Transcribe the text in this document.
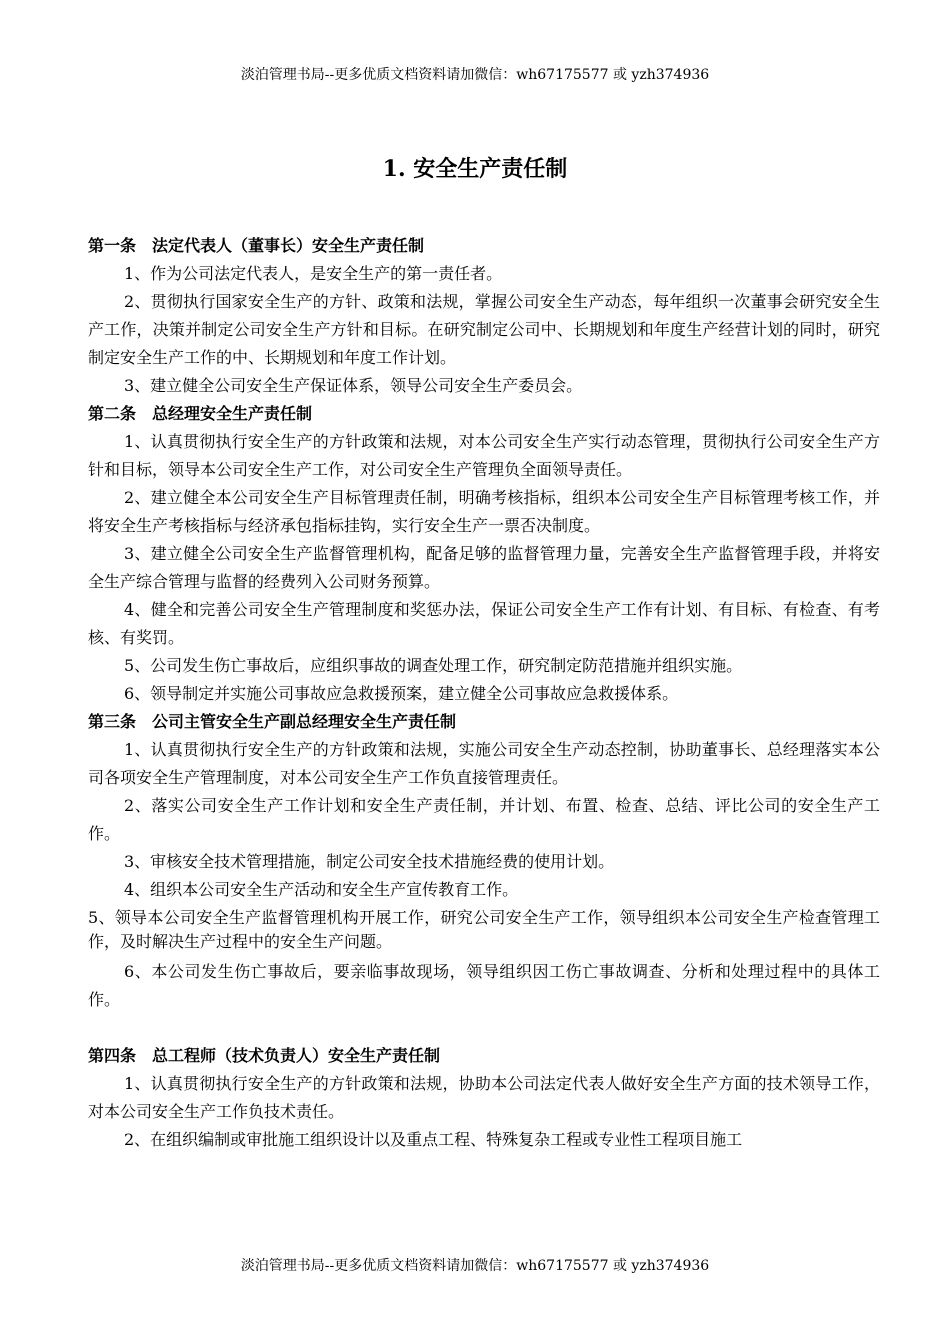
淡泊管理书局--更多优质文档资料请加微信：wh67175577 或 yzh374936
1. 安全生产责任制

第一条　法定代表人（董事长）安全生产责任制

1、作为公司法定代表人，是安全生产的第一责任者。

2、贯彻执行国家安全生产的方针、政策和法规，掌握公司安全生产动态，每年组织一次董事会研究安全生产工作，决策并制定公司安全生产方针和目标。在研究制定公司中、长期规划和年度生产经营计划的同时，研究制定安全生产工作的中、长期规划和年度工作计划。

3、建立健全公司安全生产保证体系，领导公司安全生产委员会。

第二条　总经理安全生产责任制

1、认真贯彻执行安全生产的方针政策和法规，对本公司安全生产实行动态管理，贯彻执行公司安全生产方针和目标，领导本公司安全生产工作，对公司安全生产管理负全面领导责任。

2、建立健全本公司安全生产目标管理责任制，明确考核指标，组织本公司安全生产目标管理考核工作，并将安全生产考核指标与经济承包指标挂钩，实行安全生产一票否决制度。

3、建立健全公司安全生产监督管理机构，配备足够的监督管理力量，完善安全生产监督管理手段，并将安全生产综合管理与监督的经费列入公司财务预算。

4、健全和完善公司安全生产管理制度和奖惩办法，保证公司安全生产工作有计划、有目标、有检查、有考核、有奖罚。

5、公司发生伤亡事故后，应组织事故的调查处理工作，研究制定防范措施并组织实施。

6、领导制定并实施公司事故应急救援预案，建立健全公司事故应急救援体系。

第三条　公司主管安全生产副总经理安全生产责任制

1、认真贯彻执行安全生产的方针政策和法规，实施公司安全生产动态控制，协助董事长、总经理落实本公司各项安全生产管理制度，对本公司安全生产工作负直接管理责任。

2、落实公司安全生产工作计划和安全生产责任制，并计划、布置、检查、总结、评比公司的安全生产工作。

3、审核安全技术管理措施，制定公司安全技术措施经费的使用计划。

4、组织本公司安全生产活动和安全生产宣传教育工作。

5、领导本公司安全生产监督管理机构开展工作，研究公司安全生产工作，领导组织本公司安全生产检查管理工作，及时解决生产过程中的安全生产问题。

6、本公司发生伤亡事故后，要亲临事故现场，领导组织因工伤亡事故调查、分析和处理过程中的具体工作。

第四条　总工程师（技术负责人）安全生产责任制

1、认真贯彻执行安全生产的方针政策和法规，协助本公司法定代表人做好安全生产方面的技术领导工作，对本公司安全生产工作负技术责任。

2、在组织编制或审批施工组织设计以及重点工程、特殊复杂工程或专业性工程项目施工

淡泊管理书局--更多优质文档资料请加微信：wh67175577 或 yzh374936
